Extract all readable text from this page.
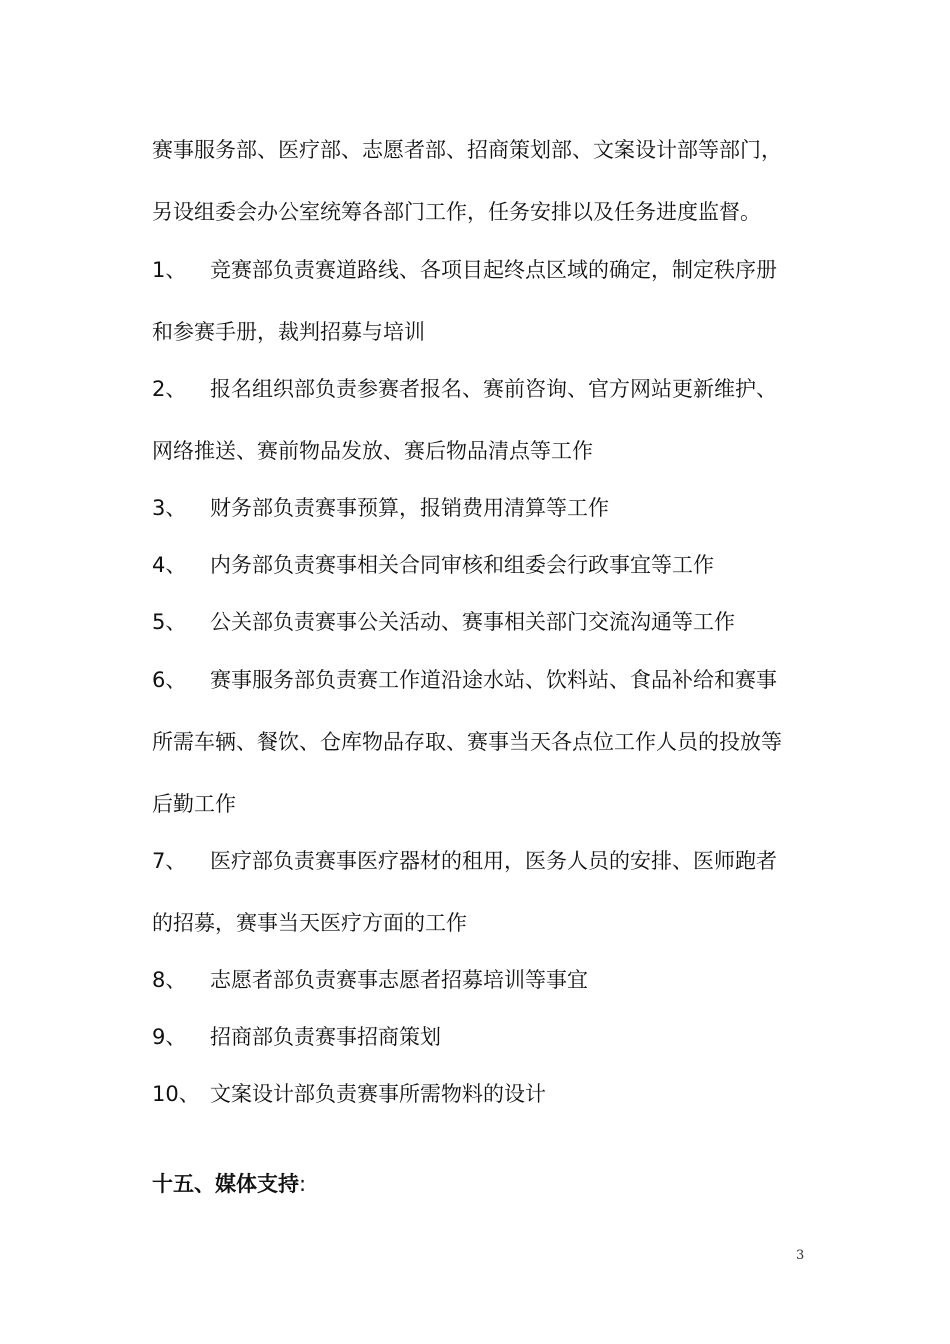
赛事服务部、医疗部、志愿者部、招商策划部、文案设计部等部门，
另设组委会办公室统筹各部门工作，任务安排以及任务进度监督。
1、 竞赛部负责赛道路线、各项目起终点区域的确定，制定秩序册
和参赛手册，裁判招募与培训
2、 报名组织部负责参赛者报名、赛前咨询、官方网站更新维护、
网络推送、赛前物品发放、赛后物品清点等工作
3、 财务部负责赛事预算，报销费用清算等工作
4、 内务部负责赛事相关合同审核和组委会行政事宜等工作
5、 公关部负责赛事公关活动、赛事相关部门交流沟通等工作
6、 赛事服务部负责赛工作道沿途水站、饮料站、食品补给和赛事
所需车辆、餐饮、仓库物品存取、赛事当天各点位工作人员的投放等
后勤工作
7、 医疗部负责赛事医疗器材的租用，医务人员的安排、医师跑者
的招募，赛事当天医疗方面的工作
8、 志愿者部负责赛事志愿者招募培训等事宜
9、 招商部负责赛事招商策划
10、 文案设计部负责赛事所需物料的设计
十五、媒体支持:
3
